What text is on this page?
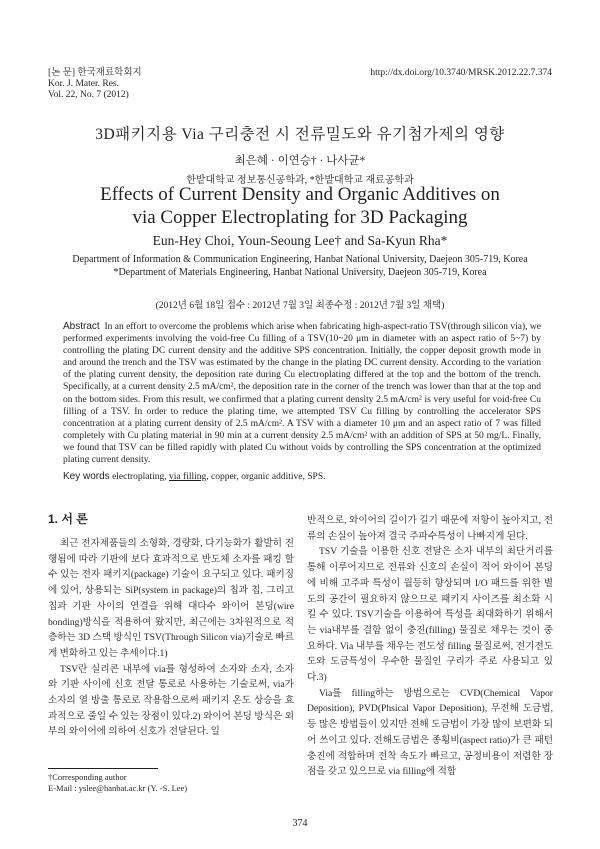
[논 문] 한국재료학회지
Kor. J. Mater. Res.
Vol. 22, No. 7 (2012)
http://dx.doi.org/10.3740/MRSK.2012.22.7.374
3D패키지용 Via 구리충전 시 전류밀도와 유기첨가제의 영향
최은혜 · 이연승† · 나사균*
한밭대학교 정보통신공학과, *한밭대학교 재료공학과
Effects of Current Density and Organic Additives on
via Copper Electroplating for 3D Packaging
Eun-Hey Choi, Youn-Seoung Lee† and Sa-Kyun Rha*
Department of Information & Communication Engineering, Hanbat National University, Daejeon 305-719, Korea
*Department of Materials Engineering, Hanbat National University, Daejeon 305-719, Korea
(2012년 6월 18일 접수 : 2012년 7월 3일 최종수정 : 2012년 7월 3일 채택)
Abstract In an effort to overcome the problems which arise when fabricating high-aspect-ratio TSV(through silicon via), we performed experiments involving the void-free Cu filling of a TSV(10~20 μm in diameter with an aspect ratio of 5~7) by controlling the plating DC current density and the additive SPS concentration. Initially, the copper deposit growth mode in and around the trench and the TSV was estimated by the change in the plating DC current density. According to the variation of the plating current density, the deposition rate during Cu electroplating differed at the top and the bottom of the trench. Specifically, at a current density 2.5 mA/cm², the deposition rate in the corner of the trench was lower than that at the top and on the bottom sides. From this result, we confirmed that a plating current density 2.5 mA/cm² is very useful for void-free Cu filling of a TSV. In order to reduce the plating time, we attempted TSV Cu filling by controlling the accelerator SPS concentration at a plating current density of 2.5 mA/cm². A TSV with a diameter 10 μm and an aspect ratio of 7 was filled completely with Cu plating material in 90 min at a current density 2.5 mA/cm² with an addition of SPS at 50 mg/L. Finally, we found that TSV can be filled rapidly with plated Cu without voids by controlling the SPS concentration at the optimized plating current density.
Key words electroplating, via filling, copper, organic additive, SPS.
1. 서 론

최근 전자제품들의 소형화, 경량화, 다기능화가 활발히 진행됨에 따라 기판에 보다 효과적으로 반도체 소자를 패킹 할 수 있는 전자 패키지(package) 기술이 요구되고 있다. 패키징에 있어, 상용되는 SiP(system in package)의 칩과 칩, 그리고 칩과 기판 사이의 연결을 위해 대다수 와이어 본딩(wire bonding)방식을 적용하여 왔지만, 최근에는 3차원적으로 적층하는 3D 스택 방식인 TSV(Through Silicon via)기술로 빠르게 변화하고 있는 추세이다.1)

TSV란 실리콘 내부에 via를 형성하여 소자와 소자, 소자와 기판 사이에 신호 전달 통로로 사용하는 기술로써, via가 소자의 열 방출 통로로 작용함으로써 패키지 온도 상승을 효과적으로 줄일 수 있는 장점이 있다.2) 와이어 본딩 방식은 외부의 와이어에 의하여 신호가 전달된다. 일

반적으로, 와이어의 길이가 길기 때문에 저항이 높아지고, 전류의 손실이 높아져 결국 주파수특성이 나빠지게 된다.

TSV 기술을 이용한 신호 전달은 소자 내부의 최단거리를 통해 이루어지므로 전류와 신호의 손실이 적어 와이어 본딩에 비해 고주파 특성이 월등히 향상되며 I/O 패드를 위한 별도의 공간이 필요하지 않으므로 패키지 사이즈를 최소화 시킬 수 있다. TSV기술을 이용하여 특성을 최대화하기 위해서는 via내부를 결함 없이 충진(filling) 물질로 채우는 것이 중요하다. Via 내부를 채우는 전도성 filling 물질로써, 전기전도도와 도금특성이 우수한 물질인 구리가 주로 사용되고 있다.3)

Via를 filling하는 방법으로는 CVD(Chemical Vapor Deposition), PVD(Phsical Vapor Deposition), 무전해 도금법, 등 많은 방법들이 있지만 전해 도금법이 가장 많이 보편화 되어 쓰이고 있다. 전해도금법은 종횡비(aspect ratio)가 큰 패턴 충진에 적합하며 전착 속도가 빠르고, 공정비용이 저렴한 장점을 갖고 있으므로 via filling에 적합

†Corresponding author
E-Mail : yslee@hanbat.ac.kr (Y. -S. Lee)
374
